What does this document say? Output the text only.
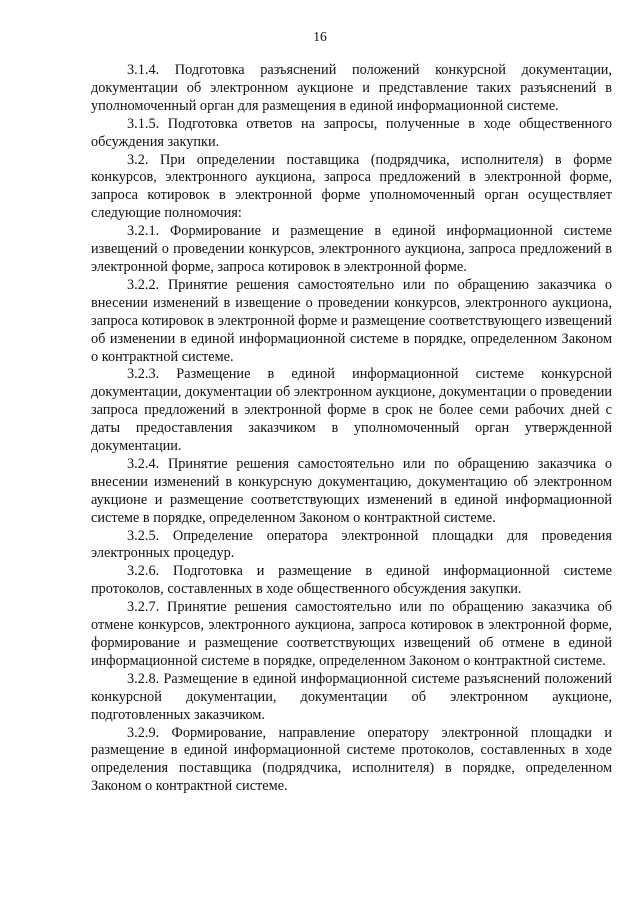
16

3.1.4. Подготовка разъяснений положений конкурсной документации, документации об электронном аукционе и представление таких разъяснений в уполномоченный орган для размещения в единой информационной системе.

3.1.5. Подготовка ответов на запросы, полученные в ходе общественного обсуждения закупки.

3.2. При определении поставщика (подрядчика, исполнителя) в форме конкурсов, электронного аукциона, запроса предложений в электронной форме, запроса котировок в электронной форме уполномоченный орган осуществляет следующие полномочия:

3.2.1. Формирование и размещение в единой информационной системе извещений о проведении конкурсов, электронного аукциона, запроса предложений в электронной форме, запроса котировок в электронной форме.

3.2.2. Принятие решения самостоятельно или по обращению заказчика о внесении изменений в извещение о проведении конкурсов, электронного аукциона, запроса котировок в электронной форме и размещение соответствующего извещений об изменении в единой информационной системе в порядке, определенном Законом о контрактной системе.

3.2.3. Размещение в единой информационной системе конкурсной документации, документации об электронном аукционе, документации о проведении запроса предложений в электронной форме в срок не более семи рабочих дней с даты предоставления заказчиком в уполномоченный орган утвержденной документации.

3.2.4. Принятие решения самостоятельно или по обращению заказчика о внесении изменений в конкурсную документацию, документацию об электронном аукционе и размещение соответствующих изменений в единой информационной системе в порядке, определенном Законом о контрактной системе.

3.2.5. Определение оператора электронной площадки для проведения электронных процедур.

3.2.6. Подготовка и размещение в единой информационной системе протоколов, составленных в ходе общественного обсуждения закупки.

3.2.7. Принятие решения самостоятельно или по обращению заказчика об отмене конкурсов, электронного аукциона, запроса котировок в электронной форме, формирование и размещение соответствующих извещений об отмене в единой информационной системе в порядке, определенном Законом о контрактной системе.

3.2.8. Размещение в единой информационной системе разъяснений положений конкурсной документации, документации об электронном аукционе, подготовленных заказчиком.

3.2.9. Формирование, направление оператору электронной площадки и размещение в единой информационной системе протоколов, составленных в ходе определения поставщика (подрядчика, исполнителя) в порядке, определенном Законом о контрактной системе.
